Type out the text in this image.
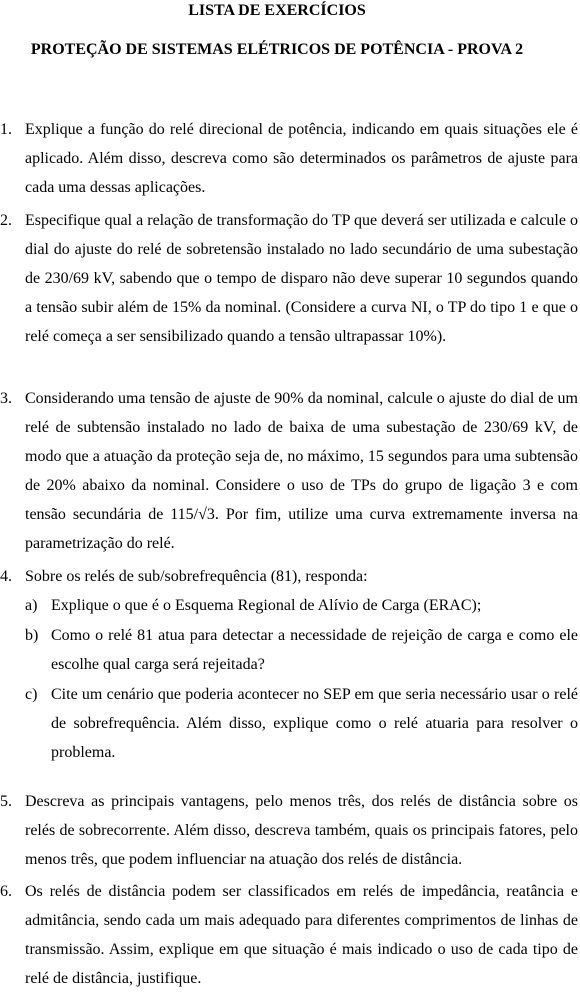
LISTA DE EXERCÍCIOS
PROTEÇÃO DE SISTEMAS ELÉTRICOS DE POTÊNCIA - PROVA 2
1. Explique a função do relé direcional de potência, indicando em quais situações ele é aplicado. Além disso, descreva como são determinados os parâmetros de ajuste para cada uma dessas aplicações.
2. Especifique qual a relação de transformação do TP que deverá ser utilizada e calcule o dial do ajuste do relé de sobretensão instalado no lado secundário de uma subestação de 230/69 kV, sabendo que o tempo de disparo não deve superar 10 segundos quando a tensão subir além de 15% da nominal. (Considere a curva NI, o TP do tipo 1 e que o relé começa a ser sensibilizado quando a tensão ultrapassar 10%).
3. Considerando uma tensão de ajuste de 90% da nominal, calcule o ajuste do dial de um relé de subtensão instalado no lado de baixa de uma subestação de 230/69 kV, de modo que a atuação da proteção seja de, no máximo, 15 segundos para uma subtensão de 20% abaixo da nominal. Considere o uso de TPs do grupo de ligação 3 e com tensão secundária de 115/√3. Por fim, utilize uma curva extremamente inversa na parametrização do relé.
4. Sobre os relés de sub/sobrefrequência (81), responda:
a) Explique o que é o Esquema Regional de Alívio de Carga (ERAC);
b) Como o relé 81 atua para detectar a necessidade de rejeição de carga e como ele escolhe qual carga será rejeitada?
c) Cite um cenário que poderia acontecer no SEP em que seria necessário usar o relé de sobrefrequência. Além disso, explique como o relé atuaria para resolver o problema.
5. Descreva as principais vantagens, pelo menos três, dos relés de distância sobre os relés de sobrecorrente. Além disso, descreva também, quais os principais fatores, pelo menos três, que podem influenciar na atuação dos relés de distância.
6. Os relés de distância podem ser classificados em relés de impedância, reatância e admitância, sendo cada um mais adequado para diferentes comprimentos de linhas de transmissão. Assim, explique em que situação é mais indicado o uso de cada tipo de relé de distância, justifique.
